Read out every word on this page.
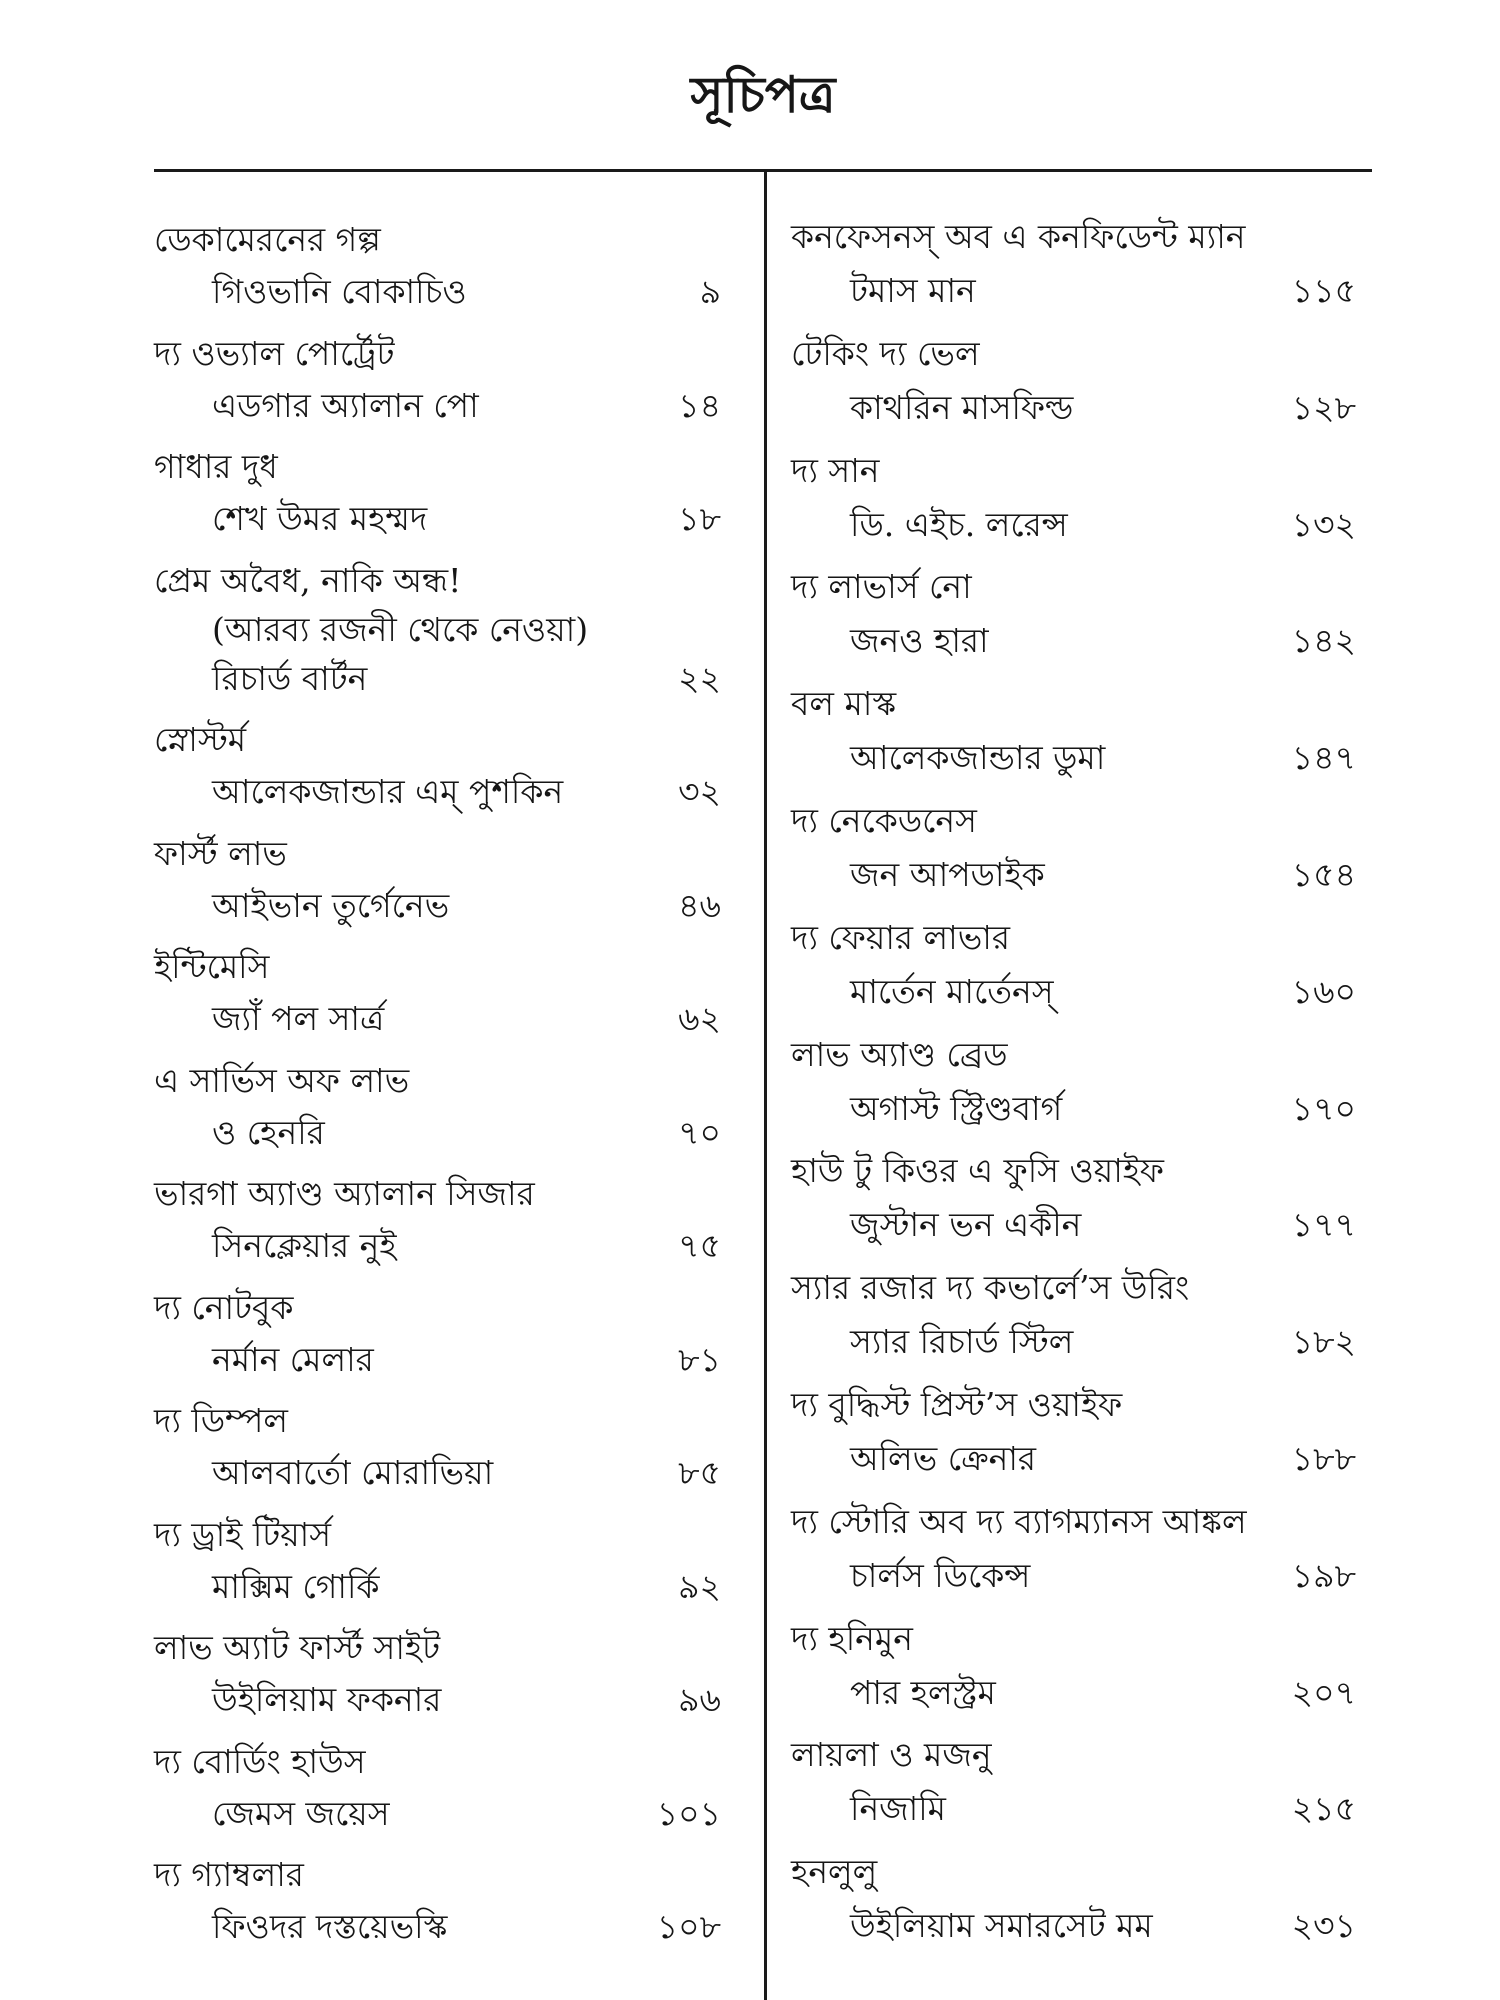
সূচিপত্র
ডেকামেরনের গল্প
গিওভানি বোকাচিও	৯
দ্য ওভ্যাল পোর্ট্রেট
এডগার অ্যালান পো	১৪
গাধার দুধ
শেখ উমর মহম্মদ	১৮
প্রেম অবৈধ, নাকি অন্ধ!
(আরব্য রজনী থেকে নেওয়া)
রিচার্ড বার্টন	২২
স্নোস্টর্ম
আলেকজান্ডার এম্ পুশকিন	৩২
ফার্স্ট লাভ
আইভান তুর্গেনেভ	৪৬
ইন্টিমেসি
জ্যাঁ পল সার্ত্র	৬২
এ সার্ভিস অফ লাভ
ও হেনরি	৭০
ভারগা অ্যাণ্ড অ্যালান সিজার
সিনক্লেয়ার নুই	৭৫
দ্য নোটবুক
নর্মান মেলার	৮১
দ্য ডিম্পল
আলবার্তো মোরাভিয়া	৮৫
দ্য ড্রাই টিয়ার্স
মাক্সিম গোর্কি	৯২
লাভ অ্যাট ফার্স্ট সাইট
উইলিয়াম ফকনার	৯৬
দ্য বোর্ডিং হাউস
জেমস জয়েস	১০১
দ্য গ্যাম্বলার
ফিওদর দস্তয়েভস্কি	১০৮
কনফেসনস্ অব এ কনফিডেন্ট ম্যান
টমাস মান	১১৫
টেকিং দ্য ভেল
কাথরিন মাসফিল্ড	১২৮
দ্য সান
ডি. এইচ. লরেন্স	১৩২
দ্য লাভার্স নো
জনও হারা	১৪২
বল মাস্ক
আলেকজান্ডার ডুমা	১৪৭
দ্য নেকেডনেস
জন আপডাইক	১৫৪
দ্য ফেয়ার লাভার
মার্তেন মার্তেনস্	১৬০
লাভ অ্যাণ্ড ব্রেড
অগাস্ট স্ট্রিণ্ডবার্গ	১৭০
হাউ টু কিওর এ ফুসি ওয়াইফ
জুস্টান ভন একীন	১৭৭
স্যার রজার দ্য কভার্লে’স উরিং
স্যার রিচার্ড স্টিল	১৮২
দ্য বুদ্ধিস্ট প্রিস্ট’স ওয়াইফ
অলিভ ক্রেনার	১৮৮
দ্য স্টোরি অব দ্য ব্যাগম্যানস আঙ্কল
চার্লস ডিকেন্স	১৯৮
দ্য হনিমুন
পার হলস্ট্রম	২০৭
লায়লা ও মজনু
নিজামি	২১৫
হনলুলু
উইলিয়াম সমারসেট মম	২৩১
